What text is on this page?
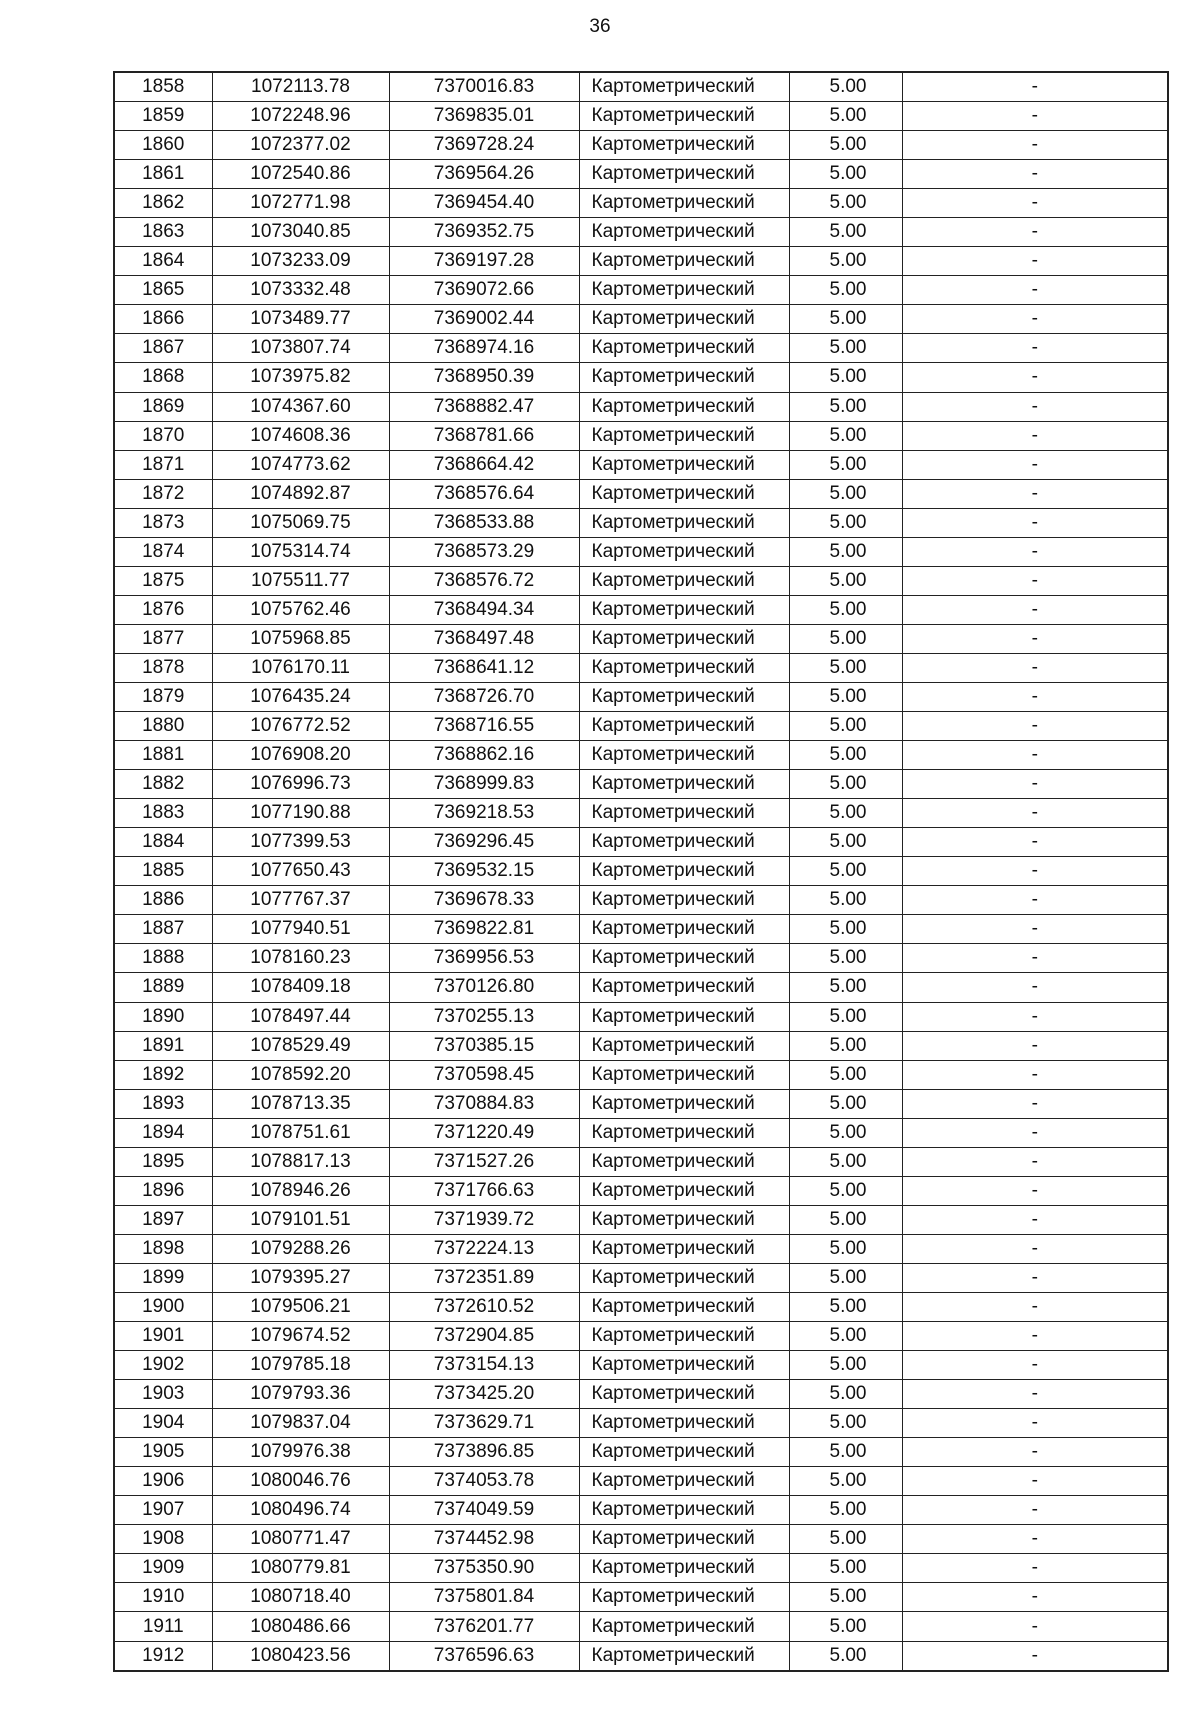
36
1858	1072113.78	7370016.83	Картометрический	5.00	-
1859	1072248.96	7369835.01	Картометрический	5.00	-
1860	1072377.02	7369728.24	Картометрический	5.00	-
1861	1072540.86	7369564.26	Картометрический	5.00	-
1862	1072771.98	7369454.40	Картометрический	5.00	-
1863	1073040.85	7369352.75	Картометрический	5.00	-
1864	1073233.09	7369197.28	Картометрический	5.00	-
1865	1073332.48	7369072.66	Картометрический	5.00	-
1866	1073489.77	7369002.44	Картометрический	5.00	-
1867	1073807.74	7368974.16	Картометрический	5.00	-
1868	1073975.82	7368950.39	Картометрический	5.00	-
1869	1074367.60	7368882.47	Картометрический	5.00	-
1870	1074608.36	7368781.66	Картометрический	5.00	-
1871	1074773.62	7368664.42	Картометрический	5.00	-
1872	1074892.87	7368576.64	Картометрический	5.00	-
1873	1075069.75	7368533.88	Картометрический	5.00	-
1874	1075314.74	7368573.29	Картометрический	5.00	-
1875	1075511.77	7368576.72	Картометрический	5.00	-
1876	1075762.46	7368494.34	Картометрический	5.00	-
1877	1075968.85	7368497.48	Картометрический	5.00	-
1878	1076170.11	7368641.12	Картометрический	5.00	-
1879	1076435.24	7368726.70	Картометрический	5.00	-
1880	1076772.52	7368716.55	Картометрический	5.00	-
1881	1076908.20	7368862.16	Картометрический	5.00	-
1882	1076996.73	7368999.83	Картометрический	5.00	-
1883	1077190.88	7369218.53	Картометрический	5.00	-
1884	1077399.53	7369296.45	Картометрический	5.00	-
1885	1077650.43	7369532.15	Картометрический	5.00	-
1886	1077767.37	7369678.33	Картометрический	5.00	-
1887	1077940.51	7369822.81	Картометрический	5.00	-
1888	1078160.23	7369956.53	Картометрический	5.00	-
1889	1078409.18	7370126.80	Картометрический	5.00	-
1890	1078497.44	7370255.13	Картометрический	5.00	-
1891	1078529.49	7370385.15	Картометрический	5.00	-
1892	1078592.20	7370598.45	Картометрический	5.00	-
1893	1078713.35	7370884.83	Картометрический	5.00	-
1894	1078751.61	7371220.49	Картометрический	5.00	-
1895	1078817.13	7371527.26	Картометрический	5.00	-
1896	1078946.26	7371766.63	Картометрический	5.00	-
1897	1079101.51	7371939.72	Картометрический	5.00	-
1898	1079288.26	7372224.13	Картометрический	5.00	-
1899	1079395.27	7372351.89	Картометрический	5.00	-
1900	1079506.21	7372610.52	Картометрический	5.00	-
1901	1079674.52	7372904.85	Картометрический	5.00	-
1902	1079785.18	7373154.13	Картометрический	5.00	-
1903	1079793.36	7373425.20	Картометрический	5.00	-
1904	1079837.04	7373629.71	Картометрический	5.00	-
1905	1079976.38	7373896.85	Картометрический	5.00	-
1906	1080046.76	7374053.78	Картометрический	5.00	-
1907	1080496.74	7374049.59	Картометрический	5.00	-
1908	1080771.47	7374452.98	Картометрический	5.00	-
1909	1080779.81	7375350.90	Картометрический	5.00	-
1910	1080718.40	7375801.84	Картометрический	5.00	-
1911	1080486.66	7376201.77	Картометрический	5.00	-
1912	1080423.56	7376596.63	Картометрический	5.00	-
